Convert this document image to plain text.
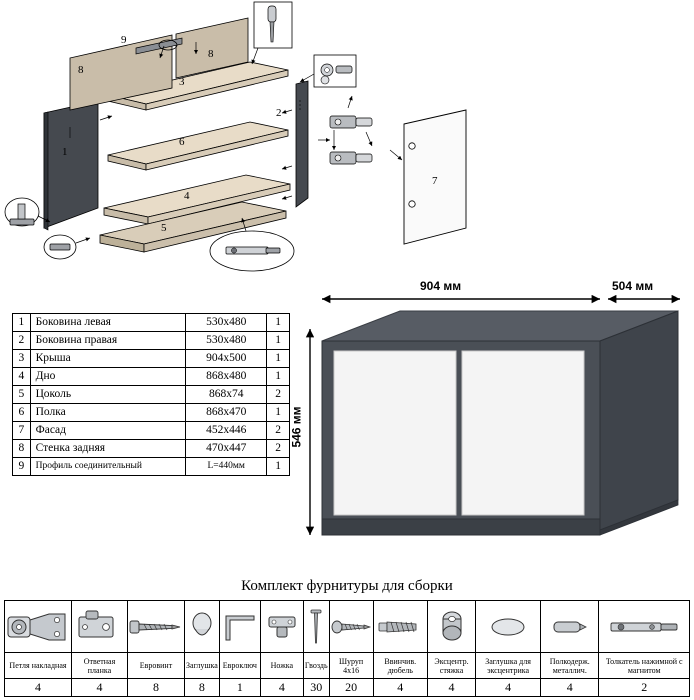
9
8
8
3
2
1
6
4
5
7
1	Боковина левая	530х480	1
2	Боковина правая	530х480	1
3	Крыша	904х500	1
4	Дно	868х480	1
5	Цоколь	868х74	2
6	Полка	868х470	1
7	Фасад	452х446	2
8	Стенка задняя	470х447	2
9	Профиль соединительный	L=440мм	1
904 мм	504 мм
546 мм
Комплект фурнитуры для сборки

Петля накладная	Ответная планка	Евровинт	Заглушка	Евроключ	Ножка	Гвоздь	Шуруп 4х16	Ввинчив. дюбель	Эксцентр. стяжка	Заглушка для эксцентрика	Полкодерж. металлич.	Толкатель нажимной с магнитом
4	4	8	8	1	4	30	20	4	4	4	4	2
